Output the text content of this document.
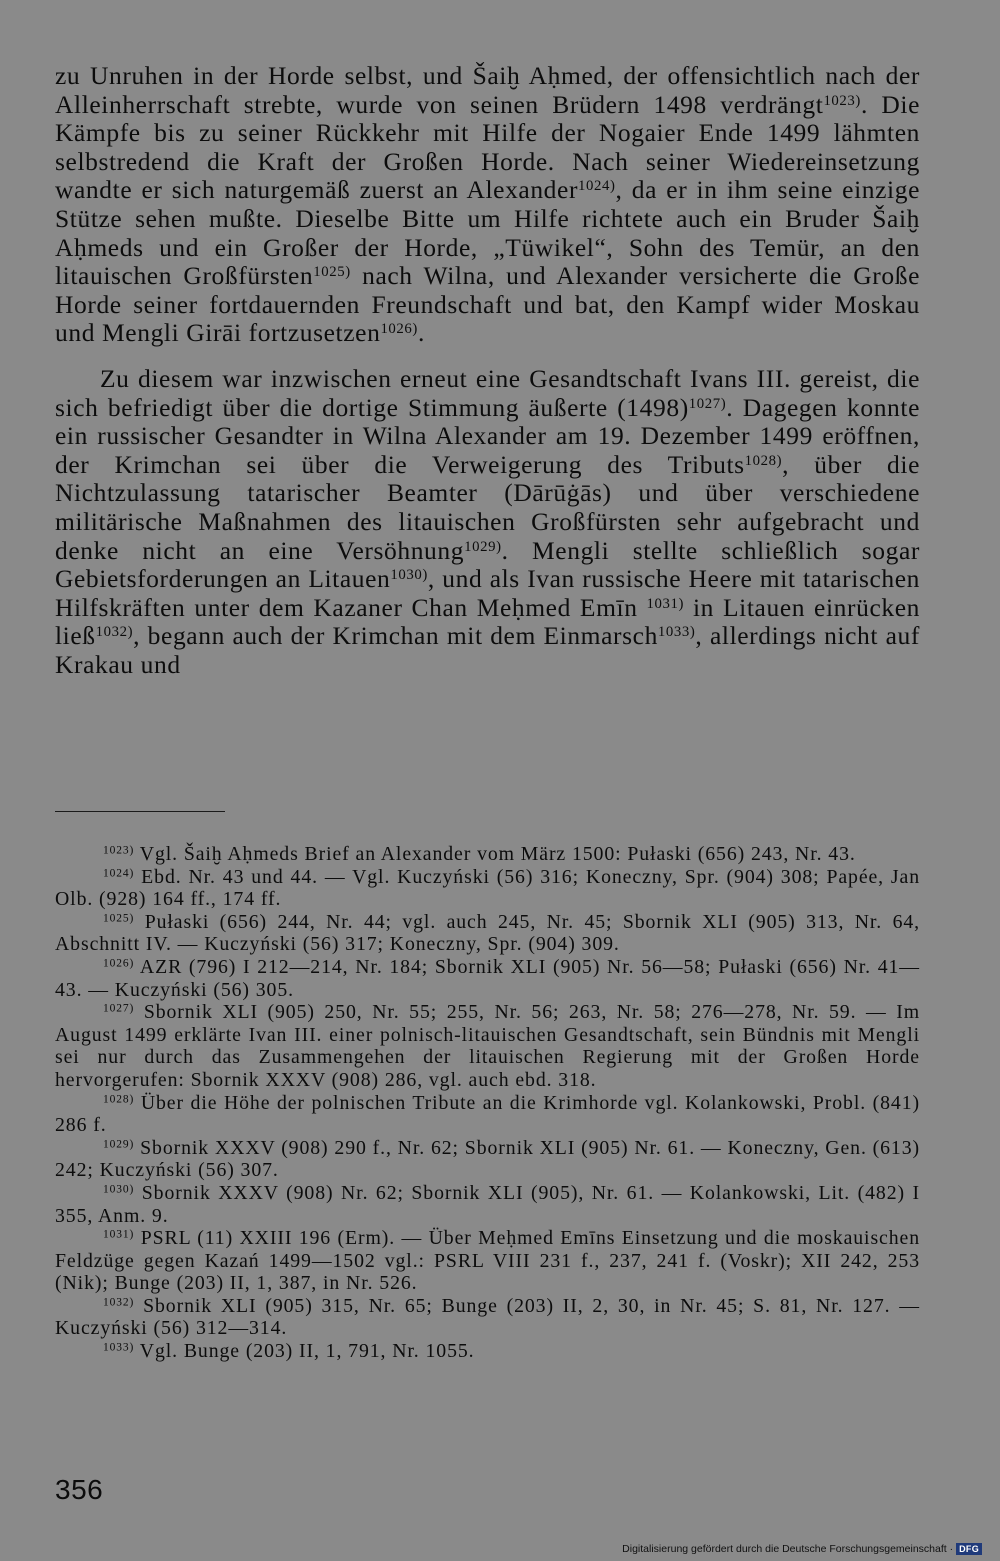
zu Unruhen in der Horde selbst, und Šaiḫ Aḥmed, der offensichtlich nach der Alleinherrschaft strebte, wurde von seinen Brüdern 1498 verdrängt$^{1023)}$. Die Kämpfe bis zu seiner Rückkehr mit Hilfe der Nogaier Ende 1499 lähmten selbstredend die Kraft der Großen Horde. Nach seiner Wiedereinsetzung wandte er sich naturgemäß zuerst an Alexander$^{1024)}$, da er in ihm seine einzige Stütze sehen mußte. Dieselbe Bitte um Hilfe richtete auch ein Bruder Šaiḫ Aḥmeds und ein Großer der Horde, „Tüwikel“, Sohn des Temür, an den litauischen Großfürsten$^{1025)}$ nach Wilna, und Alexander versicherte die Große Horde seiner fortdauernden Freundschaft und bat, den Kampf wider Moskau und Mengli Girāi fortzusetzen$^{1026)}$.

Zu diesem war inzwischen erneut eine Gesandtschaft Ivans III. gereist, die sich befriedigt über die dortige Stimmung äußerte $(1498)^{1027)}$. Dagegen konnte ein russischer Gesandter in Wilna Alexander am 19. Dezember 1499 eröffnen, der Krimchan sei über die Verweigerung des Tributs$^{1028)}$, über die Nichtzulassung tatarischer Beamter (Dārūġās) und über verschiedene militärische Maßnahmen des litauischen Großfürsten sehr aufgebracht und denke nicht an eine Versöhnung$^{1029)}$. Mengli stellte schließlich sogar Gebietsforderungen an Litauen$^{1030)}$, und als Ivan russische Heere mit tatarischen Hilfskräften unter dem Kazaner Chan Meḥmed Emīn $^{1031)}$ in Litauen einrücken ließ$^{1032)}$, begann auch der Krimchan mit dem Einmarsch$^{1033)}$, allerdings nicht auf Krakau und

$^{1023)}$ Vgl. Šaiḫ Aḥmeds Brief an Alexander vom März 1500: Pułaski (656) 243, Nr. 43.

$^{1024)}$ Ebd. Nr. 43 und 44. — Vgl. Kuczyński (56) 316; Koneczny, Spr. (904) 308; Papée, Jan Olb. (928) 164 ff., 174 ff.

$^{1025)}$ Pułaski (656) 244, Nr. 44; vgl. auch 245, Nr. 45; Sbornik XLI (905) 313, Nr. 64, Abschnitt IV. — Kuczyński (56) 317; Koneczny, Spr. (904) 309.

$^{1026)}$ AZR (796) I 212—214, Nr. 184; Sbornik XLI (905) Nr. 56—58; Pułaski (656) Nr. 41—43. — Kuczyński (56) 305.

$^{1027)}$ Sbornik XLI (905) 250, Nr. 55; 255, Nr. 56; 263, Nr. 58; 276—278, Nr. 59. — Im August 1499 erklärte Ivan III. einer polnisch-litauischen Gesandtschaft, sein Bündnis mit Mengli sei nur durch das Zusammengehen der litauischen Regierung mit der Großen Horde hervorgerufen: Sbornik XXXV (908) 286, vgl. auch ebd. 318.

$^{1028)}$ Über die Höhe der polnischen Tribute an die Krimhorde vgl. Kolankowski, Probl. (841) 286 f.

$^{1029)}$ Sbornik XXXV (908) 290 f., Nr. 62; Sbornik XLI (905) Nr. 61. — Koneczny, Gen. (613) 242; Kuczyński (56) 307.

$^{1030)}$ Sbornik XXXV (908) Nr. 62; Sbornik XLI (905), Nr. 61. — Kolankowski, Lit. (482) I 355, Anm. 9.

$^{1031)}$ PSRL (11) XXIII 196 (Erm). — Über Meḥmed Emīns Einsetzung und die moskauischen Feldzüge gegen Kazań 1499—1502 vgl.: PSRL VIII 231 f., 237, 241 f. (Voskr); XII 242, 253 (Nik); Bunge (203) II, 1, 387, in Nr. 526.

$^{1032)}$ Sbornik XLI (905) 315, Nr. 65; Bunge (203) II, 2, 30, in Nr. 45; S. 81, Nr. 127. — Kuczyński (56) 312—314.

$^{1033)}$ Vgl. Bunge (203) II, 1, 791, Nr. 1055.

356
Digitalisierung gefördert durch die Deutsche Forschungsgemeinschaft · DFG
